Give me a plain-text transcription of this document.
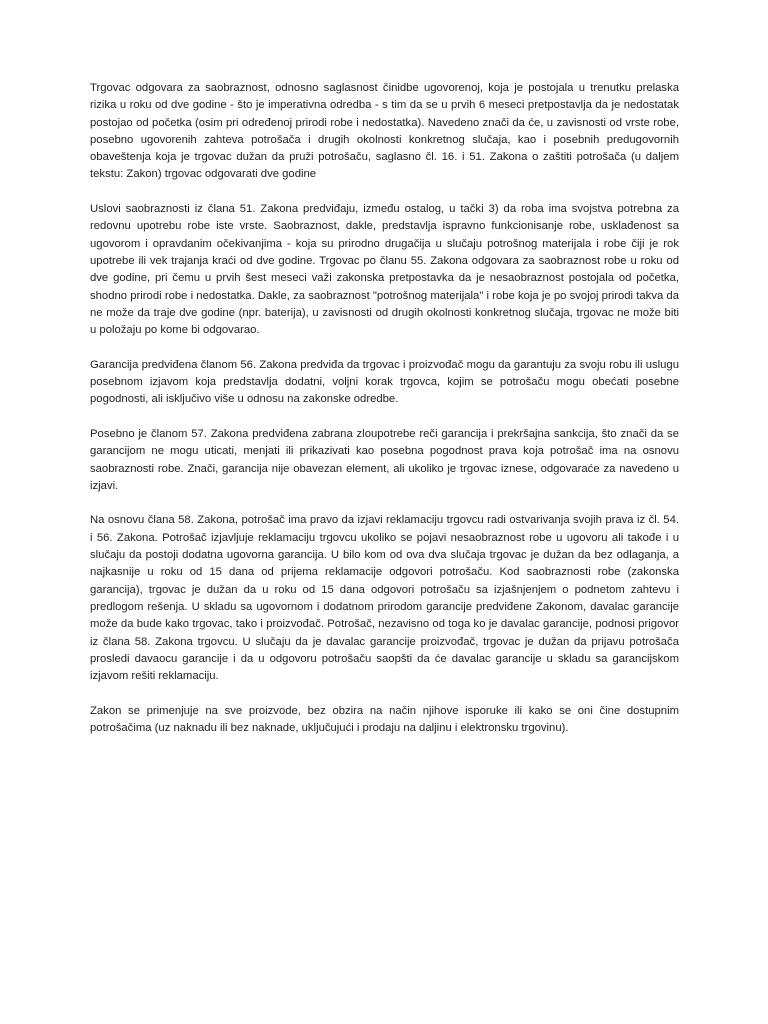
Trgovac odgovara za saobraznost, odnosno saglasnost činidbe ugovorenoj, koja je postojala u trenutku prelaska rizika u roku od dve godine - što je imperativna odredba - s tim da se u prvih 6 meseci pretpostavlja da je nedostatak postojao od početka (osim pri određenoj prirodi robe i nedostatka). Navedeno znači da će, u zavisnosti od vrste robe, posebno ugovorenih zahteva potrošača i drugih okolnosti konkretnog slučaja, kao i posebnih predugovornih obaveštenja koja je trgovac dužan da pruži potrošaču, saglasno čl. 16. i 51. Zakona o zaštiti potrošača (u daljem tekstu: Zakon) trgovac odgovarati dve godine

Uslovi saobraznosti iz člana 51. Zakona predviđaju, između ostalog, u tački 3) da roba ima svojstva potrebna za redovnu upotrebu robe iste vrste. Saobraznost, dakle, predstavlja ispravno funkcionisanje robe, usklađenost sa ugovorom i opravdanim očekivanjima - koja su prirodno drugačija u slučaju potrošnog materijala i robe čiji je rok upotrebe ili vek trajanja kraći od dve godine. Trgovac po članu 55. Zakona odgovara za saobraznost robe u roku od dve godine, pri čemu u prvih šest meseci važi zakonska pretpostavka da je nesaobraznost postojala od početka, shodno prirodi robe i nedostatka. Dakle, za saobraznost "potrošnog materijala" i robe koja je po svojoj prirodi takva da ne može da traje dve godine (npr. baterija), u zavisnosti od drugih okolnosti konkretnog slučaja, trgovac ne može biti u položaju po kome bi odgovarao.

Garancija predviđena članom 56. Zakona predviđa da trgovac i proizvođač mogu da garantuju za svoju robu ili uslugu posebnom izjavom koja predstavlja dodatni, voljni korak trgovca, kojim se potrošaču mogu obećati posebne pogodnosti, ali isključivo više u odnosu na zakonske odredbe.

Posebno je članom 57. Zakona predviđena zabrana zloupotrebe reči garancija i prekršajna sankcija, što znači da se garancijom ne mogu uticati, menjati ili prikazivati kao posebna pogodnost prava koja potrošač ima na osnovu saobraznosti robe. Znači, garancija nije obavezan element, ali ukoliko je trgovac iznese, odgovaraće za navedeno u izjavi.

Na osnovu člana 58. Zakona, potrošač ima pravo da izjavi reklamaciju trgovcu radi ostvarivanja svojih prava iz čl. 54. i 56. Zakona. Potrošač izjavljuje reklamaciju trgovcu ukoliko se pojavi nesaobraznost robe u ugovoru ali takođe i u slučaju da postoji dodatna ugovorna garancija. U bilo kom od ova dva slučaja trgovac je dužan da bez odlaganja, a najkasnije u roku od 15 dana od prijema reklamacije odgovori potrošaču. Kod saobraznosti robe (zakonska garancija), trgovac je dužan da u roku od 15 dana odgovori potrošaču sa izjašnjenjem o podnetom zahtevu i predlogom rešenja. U skladu sa ugovornom i dodatnom prirodom garancije predviđene Zakonom, davalac garancije može da bude kako trgovac, tako i proizvođač. Potrošač, nezavisno od toga ko je davalac garancije, podnosi prigovor iz člana 58. Zakona trgovcu. U slučaju da je davalac garancije proizvođač, trgovac je dužan da prijavu potrošača prosledi davaocu garancije i da u odgovoru potrošaču saopšti da će davalac garancije u skladu sa garancijskom izjavom rešiti reklamaciju.

Zakon se primenjuje na sve proizvode, bez obzira na način njihove isporuke ili kako se oni čine dostupnim potrošačima (uz naknadu ili bez naknade, uključujući i prodaju na daljinu i elektronsku trgovinu).
